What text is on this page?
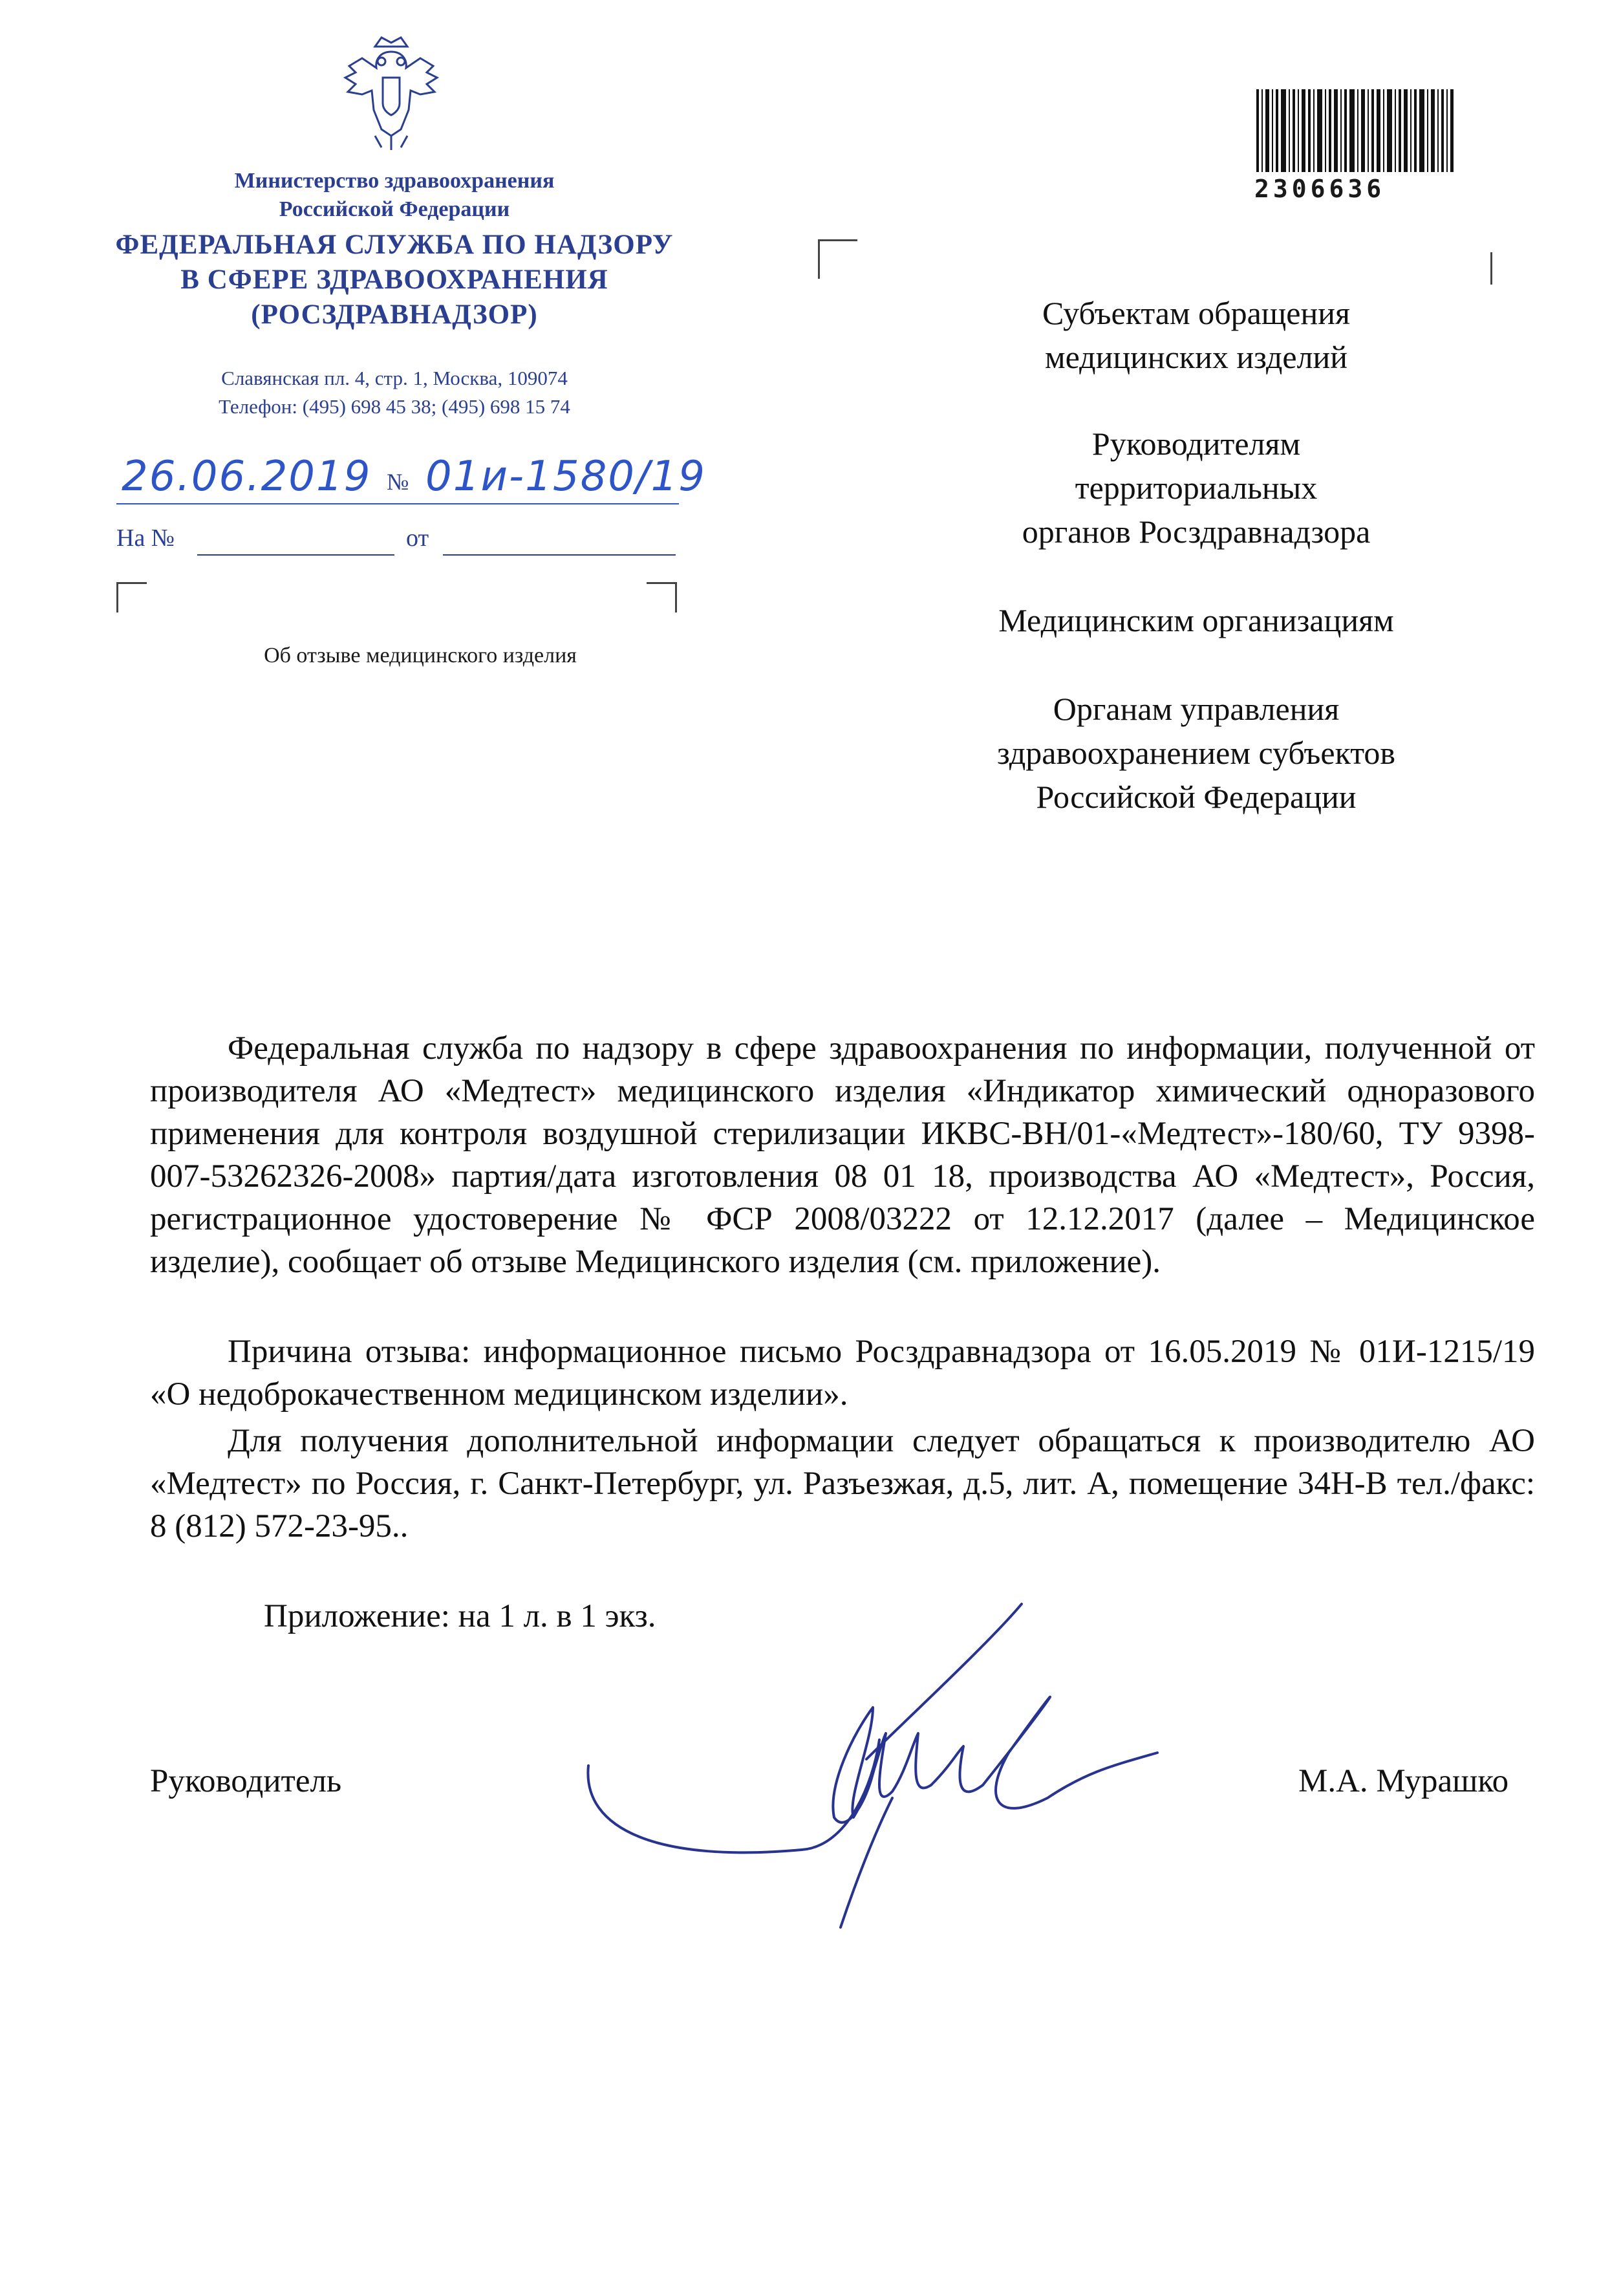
Министерство здравоохранения
Российской Федерации
ФЕДЕРАЛЬНАЯ СЛУЖБА ПО НАДЗОРУ
В СФЕРЕ ЗДРАВООХРАНЕНИЯ
(РОСЗДРАВНАДЗОР)
Славянская пл. 4, стр. 1, Москва, 109074
Телефон: (495) 698 45 38; (495) 698 15 74
26.06.2019 № 01и-1580/19
На №	от
Об отзыве медицинского изделия
2306636
Субъектам обращения
медицинских изделий
Руководителям
территориальных
органов Росздравнадзора
Медицинским организациям
Органам управления
здравоохранением субъектов
Российской Федерации
Федеральная служба по надзору в сфере здравоохранения по информации, полученной от производителя АО «Медтест» медицинского изделия «Индикатор химический одноразового применения для контроля воздушной стерилизации ИКВС-ВН/01-«Медтест»-180/60, ТУ 9398-007-53262326-2008» партия/дата изготовления 08 01 18, производства АО «Медтест», Россия, регистрационное удостоверение № ФСР 2008/03222 от 12.12.2017 (далее – Медицинское изделие), сообщает об отзыве Медицинского изделия (см. приложение).
Причина отзыва: информационное письмо Росздравнадзора от 16.05.2019 № 01И-1215/19 «О недоброкачественном медицинском изделии».
Для получения дополнительной информации следует обращаться к производителю АО «Медтест» по Россия, г. Санкт-Петербург, ул. Разъезжая, д.5, лит. А, помещение 34Н-В тел./факс: 8 (812) 572-23-95..
Приложение: на 1 л. в 1 экз.
Руководитель	М.А. Мурашко
